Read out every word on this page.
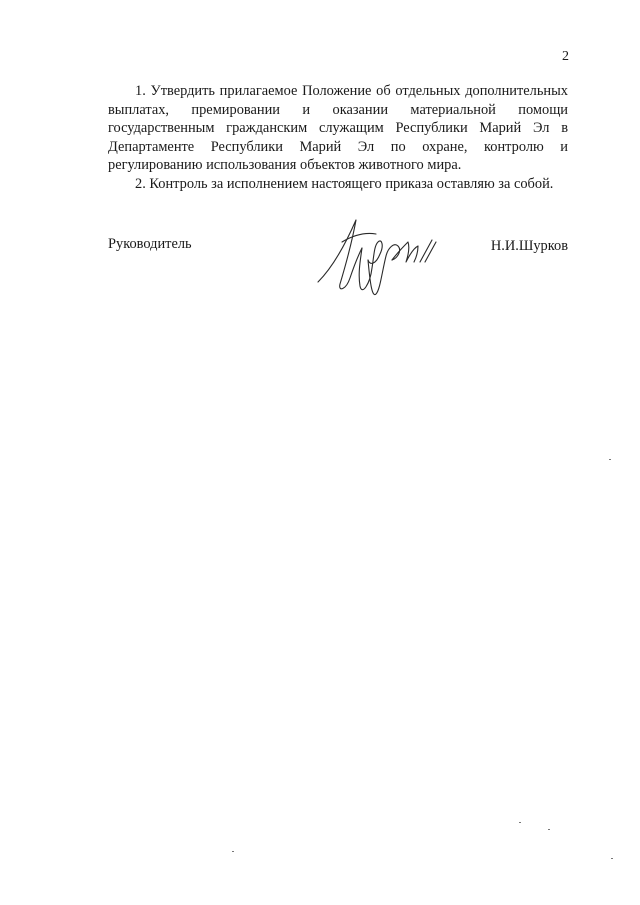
2

1. Утвердить прилагаемое Положение об отдельных дополнительных выплатах, премировании и оказании материальной помощи государственным гражданским служащим Республики Марий Эл в Департаменте Республики Марий Эл по охране, контролю и регулированию использования объектов животного мира.

2. Контроль за исполнением настоящего приказа оставляю за собой.

Руководитель	Н.И.Шурков
